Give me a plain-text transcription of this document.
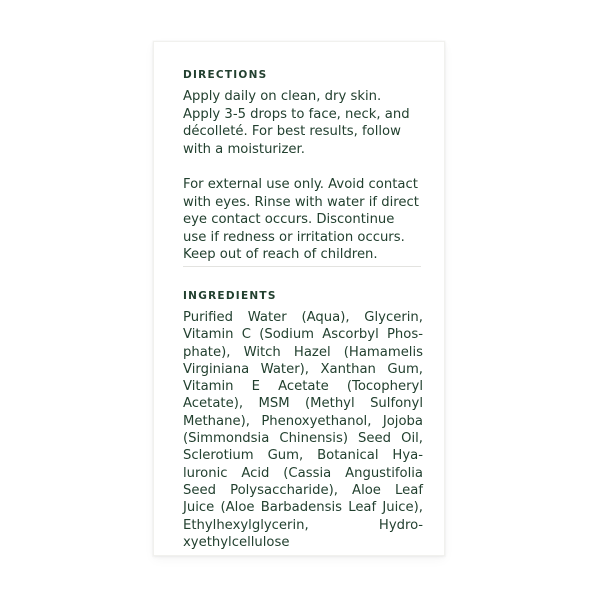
DIRECTIONS

Apply daily on clean, dry skin. Apply 3-5 drops to face, neck, and décolleté. For best results, follow with a moisturizer.

For external use only. Avoid contact with eyes. Rinse with water if direct eye contact occurs. Discontinue use if redness or irritation occurs. Keep out of reach of children.

INGREDIENTS

Purified Water (Aqua), Glycerin, Vitamin C (Sodium Ascorbyl Phosphate), Witch Hazel (Hamamelis Virginiana Water), Xanthan Gum, Vitamin E Acetate (Tocopheryl Acetate), MSM (Methyl Sulfonyl Methane), Phenoxyethanol, Jojoba (Simmondsia Chinensis) Seed Oil, Sclerotium Gum, Botanical Hyaluronic Acid (Cassia Angustifolia Seed Polysaccharide), Aloe Leaf Juice (Aloe Barbadensis Leaf Juice), Ethylhexylglycerin, Hydroxyethylcellulose
